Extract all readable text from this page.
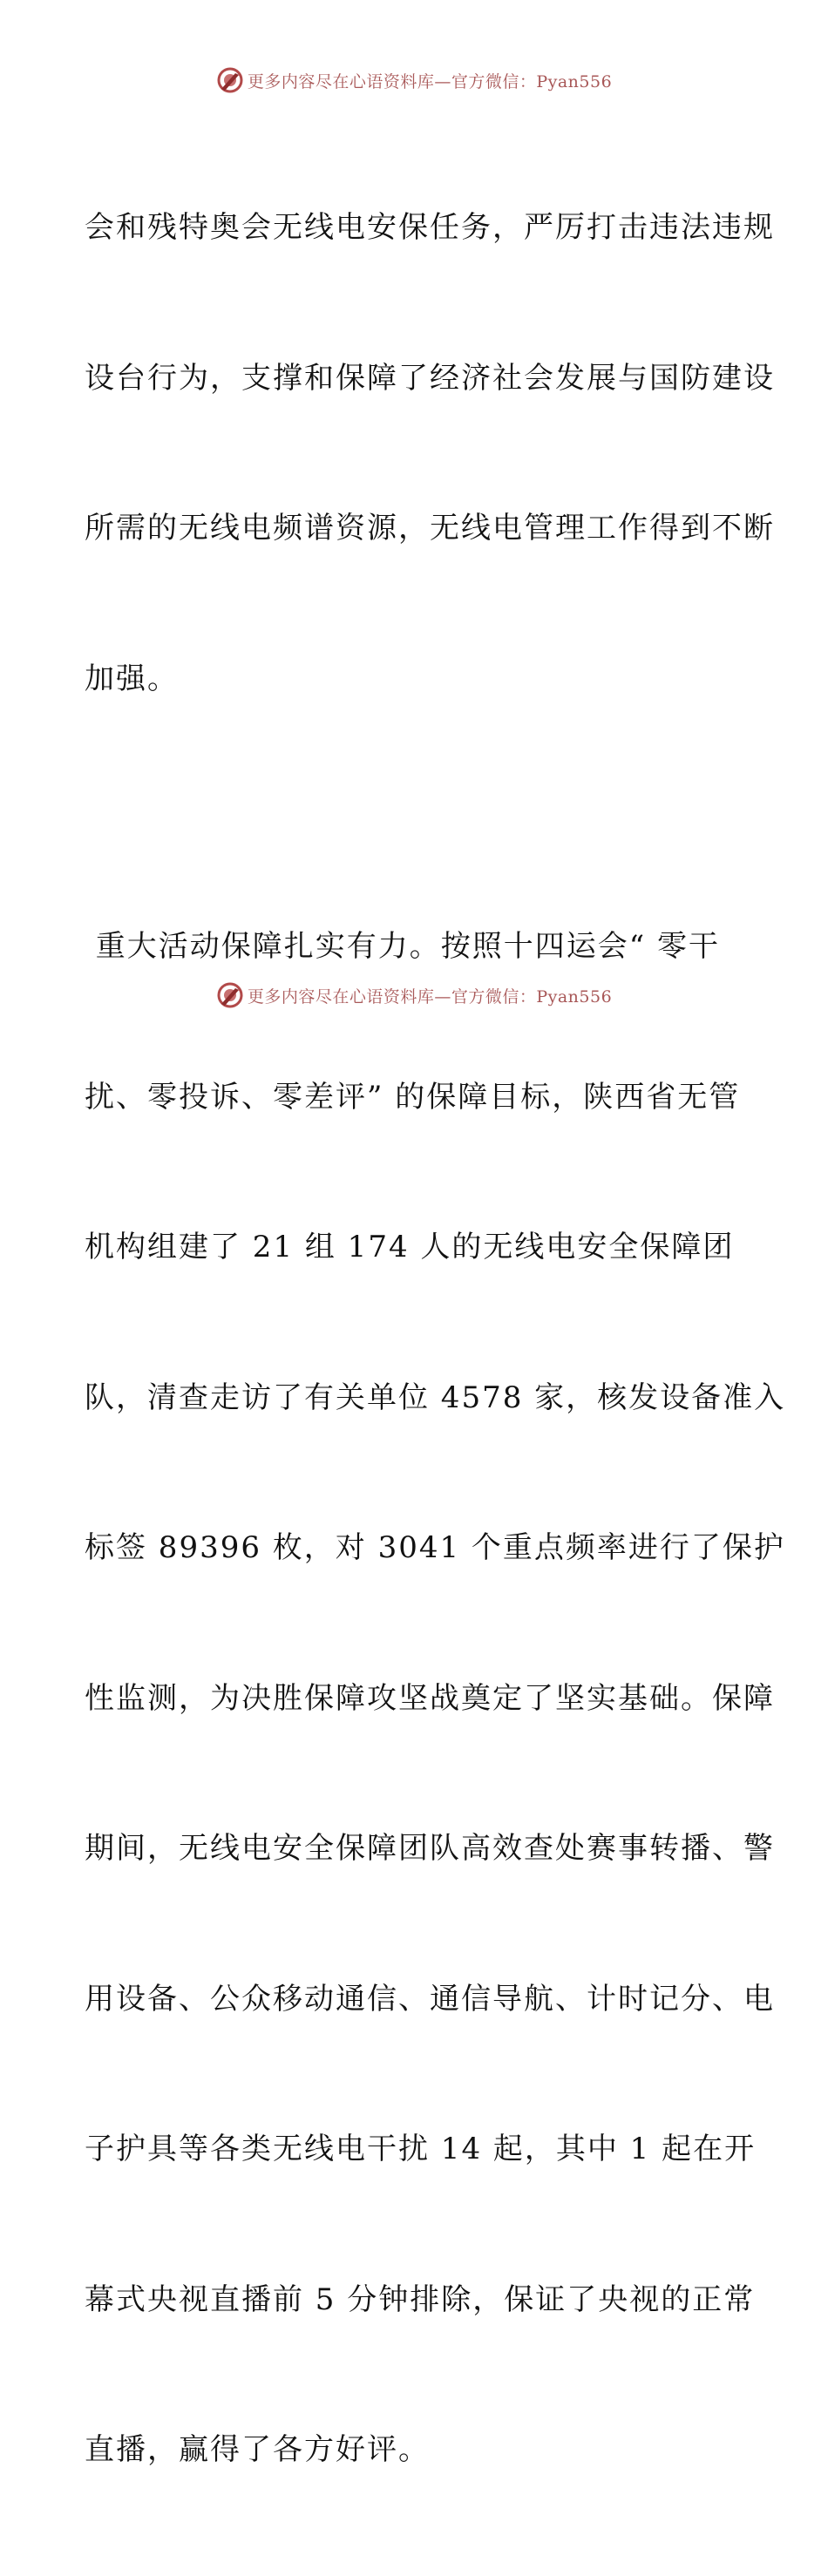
更多内容尽在心语资料库—官方微信：Pyan556

会和残特奥会无线电安保任务，严厉打击违法违规

设台行为，支撑和保障了经济社会发展与国防建设

所需的无线电频谱资源，无线电管理工作得到不断

加强。

重大活动保障扎实有力。按照十四运会“ 零干

扰、零投诉、零差评” 的保障目标，陕西省无管

机构组建了 21 组 174 人的无线电安全保障团

队，清查走访了有关单位 4578 家，核发设备准入

标签 89396 枚，对 3041 个重点频率进行了保护

性监测，为决胜保障攻坚战奠定了坚实基础。保障

期间，无线电安全保障团队高效查处赛事转播、警

用设备、公众移动通信、通信导航、计时记分、电

子护具等各类无线电干扰 14 起，其中 1 起在开

幕式央视直播前 5 分钟排除，保证了央视的正常

直播，赢得了各方好评。

更多内容尽在心语资料库—官方微信：Pyan556
